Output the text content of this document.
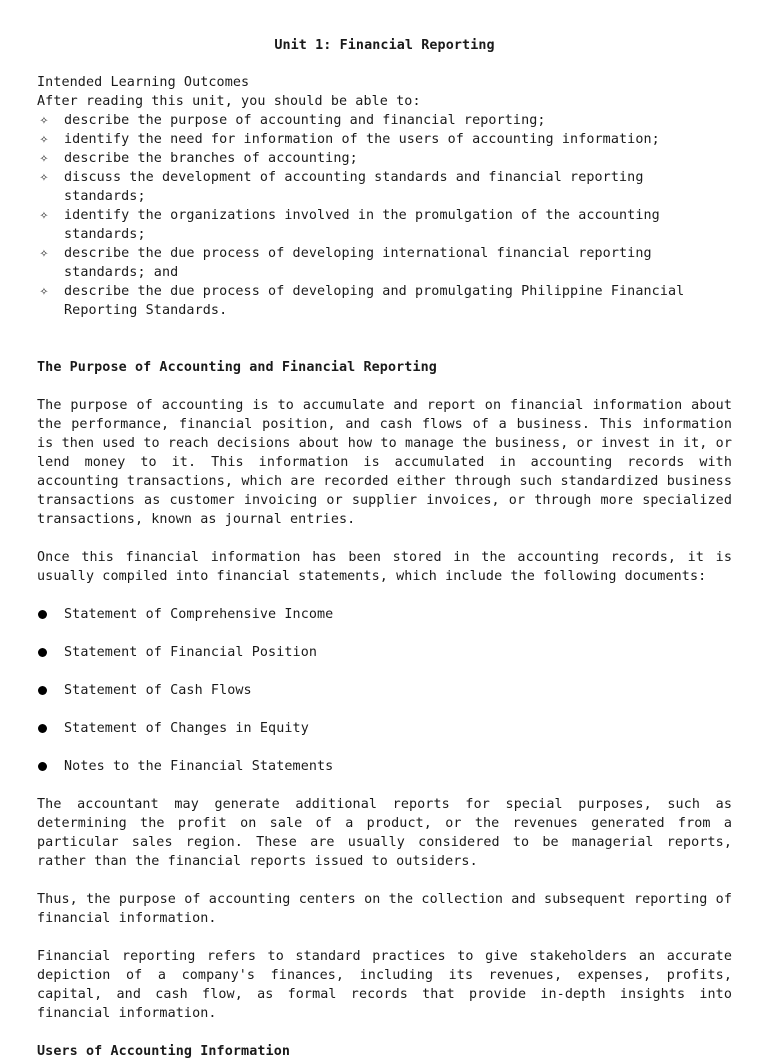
Unit 1: Financial Reporting
Intended Learning Outcomes
After reading this unit, you should be able to:
✧ describe the purpose of accounting and financial reporting;
✧ identify the need for information of the users of accounting information;
✧ describe the branches of accounting;
✧ discuss the development of accounting standards and financial reporting standards;
✧ identify the organizations involved in the promulgation of the accounting standards;
✧ describe the due process of developing international financial reporting standards; and
✧ describe the due process of developing and promulgating Philippine Financial Reporting Standards.
The Purpose of Accounting and Financial Reporting

The purpose of accounting is to accumulate and report on financial information about the performance, financial position, and cash flows of a business. This information is then used to reach decisions about how to manage the business, or invest in it, or lend money to it. This information is accumulated in accounting records with accounting transactions, which are recorded either through such standardized business transactions as customer invoicing or supplier invoices, or through more specialized transactions, known as journal entries.

Once this financial information has been stored in the accounting records, it is usually compiled into financial statements, which include the following documents:

Statement of Comprehensive Income
Statement of Financial Position
Statement of Cash Flows
Statement of Changes in Equity
Notes to the Financial Statements

The accountant may generate additional reports for special purposes, such as determining the profit on sale of a product, or the revenues generated from a particular sales region. These are usually considered to be managerial reports, rather than the financial reports issued to outsiders.

Thus, the purpose of accounting centers on the collection and subsequent reporting of financial information.

Financial reporting refers to standard practices to give stakeholders an accurate depiction of a company's finances, including its revenues, expenses, profits, capital, and cash flow, as formal records that provide in-depth insights into financial information.

Users of Accounting Information
